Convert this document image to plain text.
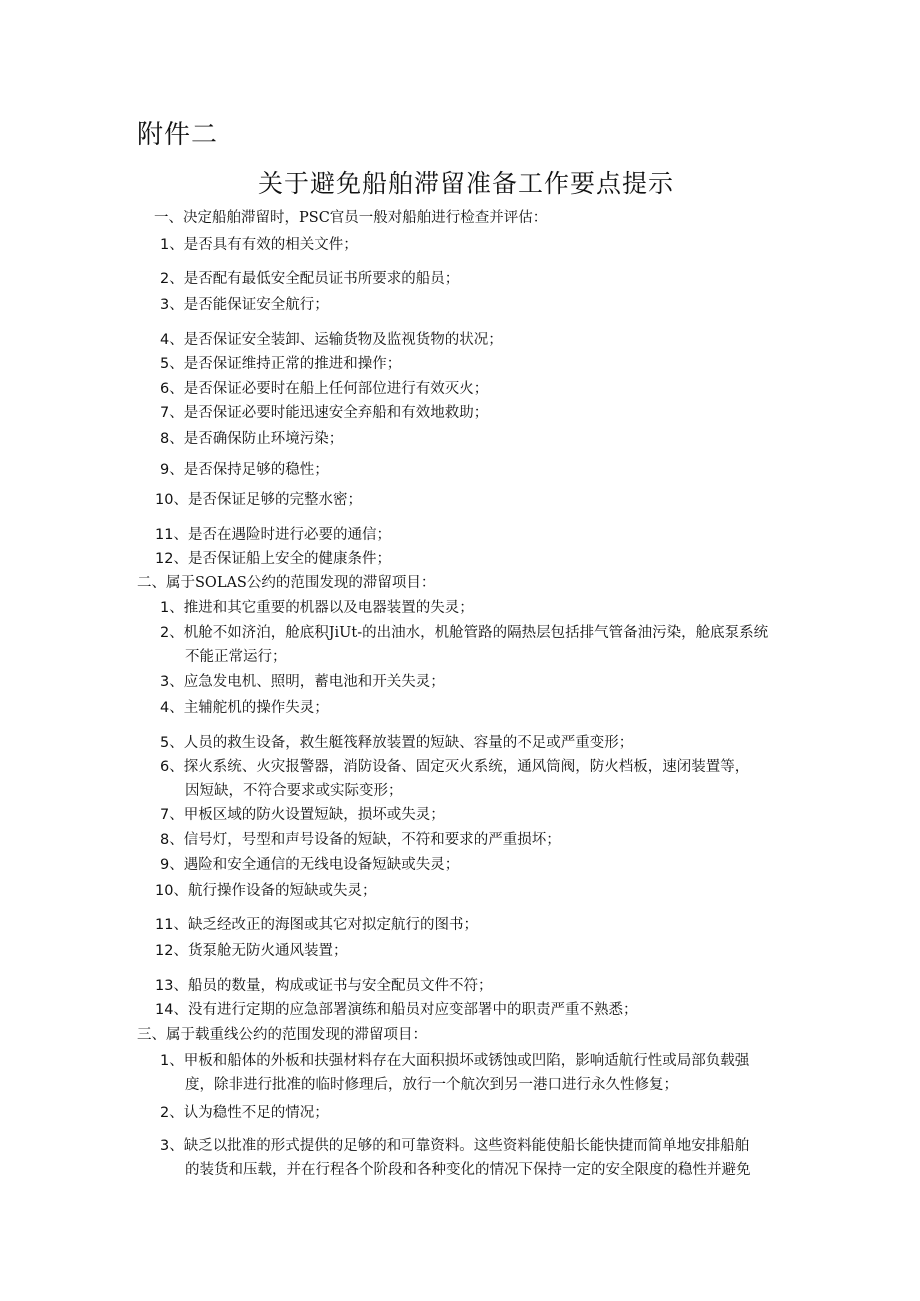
附件二
关于避免船舶滞留准备工作要点提示
一、决定船舶滞留时，PSC官员一般对船舶进行检查并评估：
1、是否具有有效的相关文件；
2、是否配有最低安全配员证书所要求的船员；
3、是否能保证安全航行；
4、是否保证安全装卸、运输货物及监视货物的状况；
5、是否保证维持正常的推进和操作；
6、是否保证必要时在船上任何部位进行有效灭火；
7、是否保证必要时能迅速安全弃船和有效地救助；
8、是否确保防止环境污染；
9、是否保持足够的稳性；
10、是否保证足够的完整水密；
11、是否在遇险时进行必要的通信；
12、是否保证船上安全的健康条件；
二、属于SOLAS公约的范围发现的滞留项目：
1、推进和其它重要的机器以及电器装置的失灵；
2、机舱不如济泊，舱底积JiUt-的出油水，机舱管路的隔热层包括排气管备油污染，舱底泵系统
不能正常运行；
3、应急发电机、照明，蓄电池和开关失灵；
4、主辅舵机的操作失灵；
5、人员的救生设备，救生艇筏释放装置的短缺、容量的不足或严重变形；
6、探火系统、火灾报警器，消防设备、固定灭火系统，通风筒阀，防火档板，速闭装置等，
因短缺，不符合要求或实际变形；
7、甲板区域的防火设置短缺，损坏或失灵；
8、信号灯，号型和声号设备的短缺，不符和要求的严重损坏；
9、遇险和安全通信的无线电设备短缺或失灵；
10、航行操作设备的短缺或失灵；
11、缺乏经改正的海图或其它对拟定航行的图书；
12、货泵舱无防火通风装置；
13、船员的数量，构成或证书与安全配员文件不符；
14、没有进行定期的应急部署演练和船员对应变部署中的职责严重不熟悉；
三、属于载重线公约的范围发现的滞留项目：
1、甲板和船体的外板和扶强材料存在大面积损坏或锈蚀或凹陷，影响适航行性或局部负载强
度，除非进行批准的临时修理后，放行一个航次到另一港口进行永久性修复；
2、认为稳性不足的情况；
3、缺乏以批准的形式提供的足够的和可靠资料。这些资料能使船长能快捷而简单地安排船舶
的装货和压载，并在行程各个阶段和各种变化的情况下保持一定的安全限度的稳性并避免
